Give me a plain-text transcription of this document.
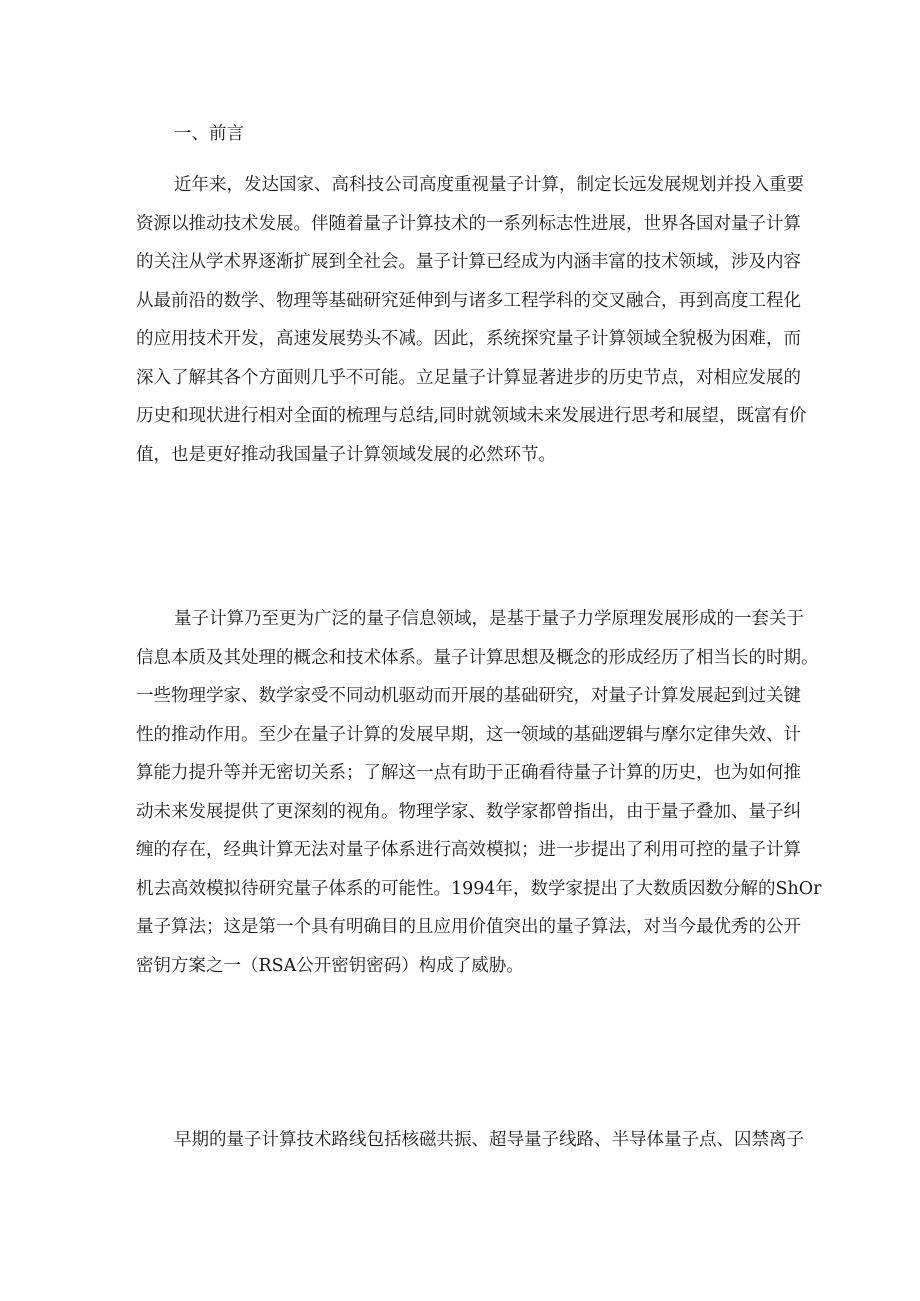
一、前言
近年来，发达国家、高科技公司高度重视量子计算，制定长远发展规划并投入重要
资源以推动技术发展。伴随着量子计算技术的一系列标志性进展，世界各国对量子计算
的关注从学术界逐渐扩展到全社会。量子计算已经成为内涵丰富的技术领域，涉及内容
从最前沿的数学、物理等基础研究延伸到与诸多工程学科的交叉融合，再到高度工程化
的应用技术开发，高速发展势头不减。因此，系统探究量子计算领域全貌极为困难，而
深入了解其各个方面则几乎不可能。立足量子计算显著进步的历史节点，对相应发展的
历史和现状进行相对全面的梳理与总结,同时就领域未来发展进行思考和展望，既富有价
值，也是更好推动我国量子计算领域发展的必然环节。
量子计算乃至更为广泛的量子信息领域，是基于量子力学原理发展形成的一套关于
信息本质及其处理的概念和技术体系。量子计算思想及概念的形成经历了相当长的时期。
一些物理学家、数学家受不同动机驱动而开展的基础研究，对量子计算发展起到过关键
性的推动作用。至少在量子计算的发展早期，这一领域的基础逻辑与摩尔定律失效、计
算能力提升等并无密切关系；了解这一点有助于正确看待量子计算的历史，也为如何推
动未来发展提供了更深刻的视角。物理学家、数学家都曾指出，由于量子叠加、量子纠
缠的存在，经典计算无法对量子体系进行高效模拟；进一步提出了利用可控的量子计算
机去高效模拟待研究量子体系的可能性。1994年，数学家提出了大数质因数分解的ShOr
量子算法；这是第一个具有明确目的且应用价值突出的量子算法，对当今最优秀的公开
密钥方案之一（RSA公开密钥密码）构成了威胁。
早期的量子计算技术路线包括核磁共振、超导量子线路、半导体量子点、囚禁离子
